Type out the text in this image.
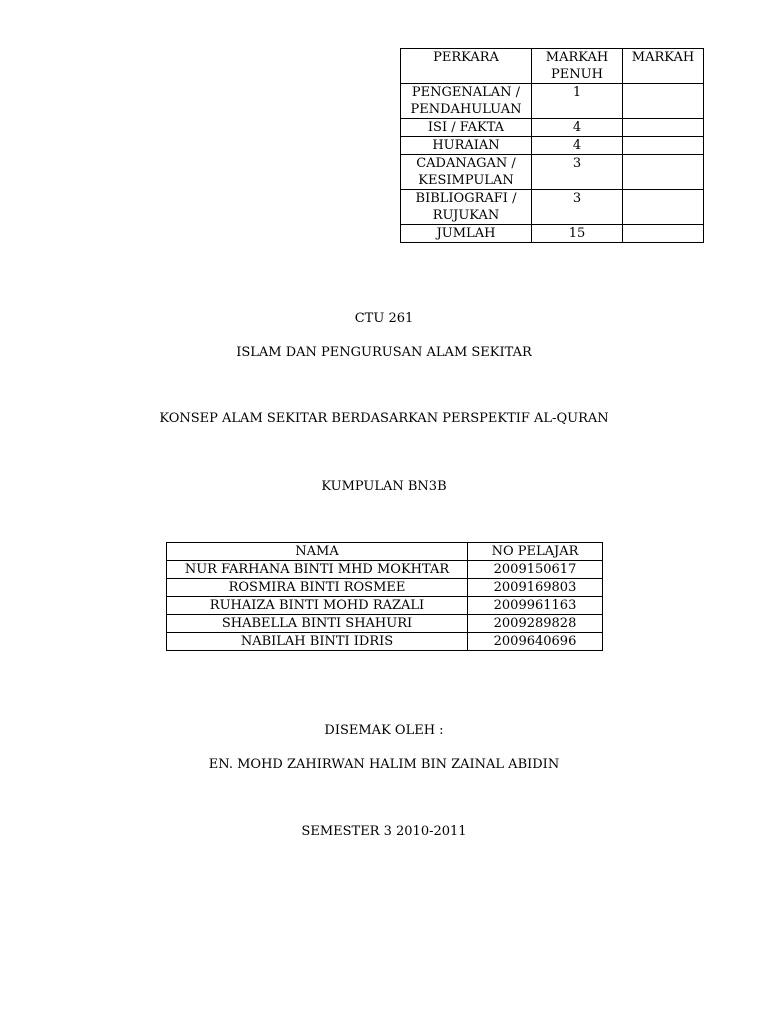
PERKARA	MARKAH PENUH	MARKAH
PENGENALAN / PENDAHULUAN	1	
ISI / FAKTA	4	
HURAIAN	4	
CADANAGAN / KESIMPULAN	3	
BIBLIOGRAFI / RUJUKAN	3	
JUMLAH	15	
CTU 261
ISLAM DAN PENGURUSAN ALAM SEKITAR
KONSEP ALAM SEKITAR BERDASARKAN PERSPEKTIF AL-QURAN
KUMPULAN BN3B
NAMA	NO PELAJAR
NUR FARHANA BINTI MHD MOKHTAR	2009150617
ROSMIRA BINTI ROSMEE	2009169803
RUHAIZA BINTI MOHD RAZALI	2009961163
SHABELLA BINTI SHAHURI	2009289828
NABILAH BINTI IDRIS	2009640696
DISEMAK OLEH :
EN. MOHD ZAHIRWAN HALIM BIN ZAINAL ABIDIN
SEMESTER 3 2010-2011
